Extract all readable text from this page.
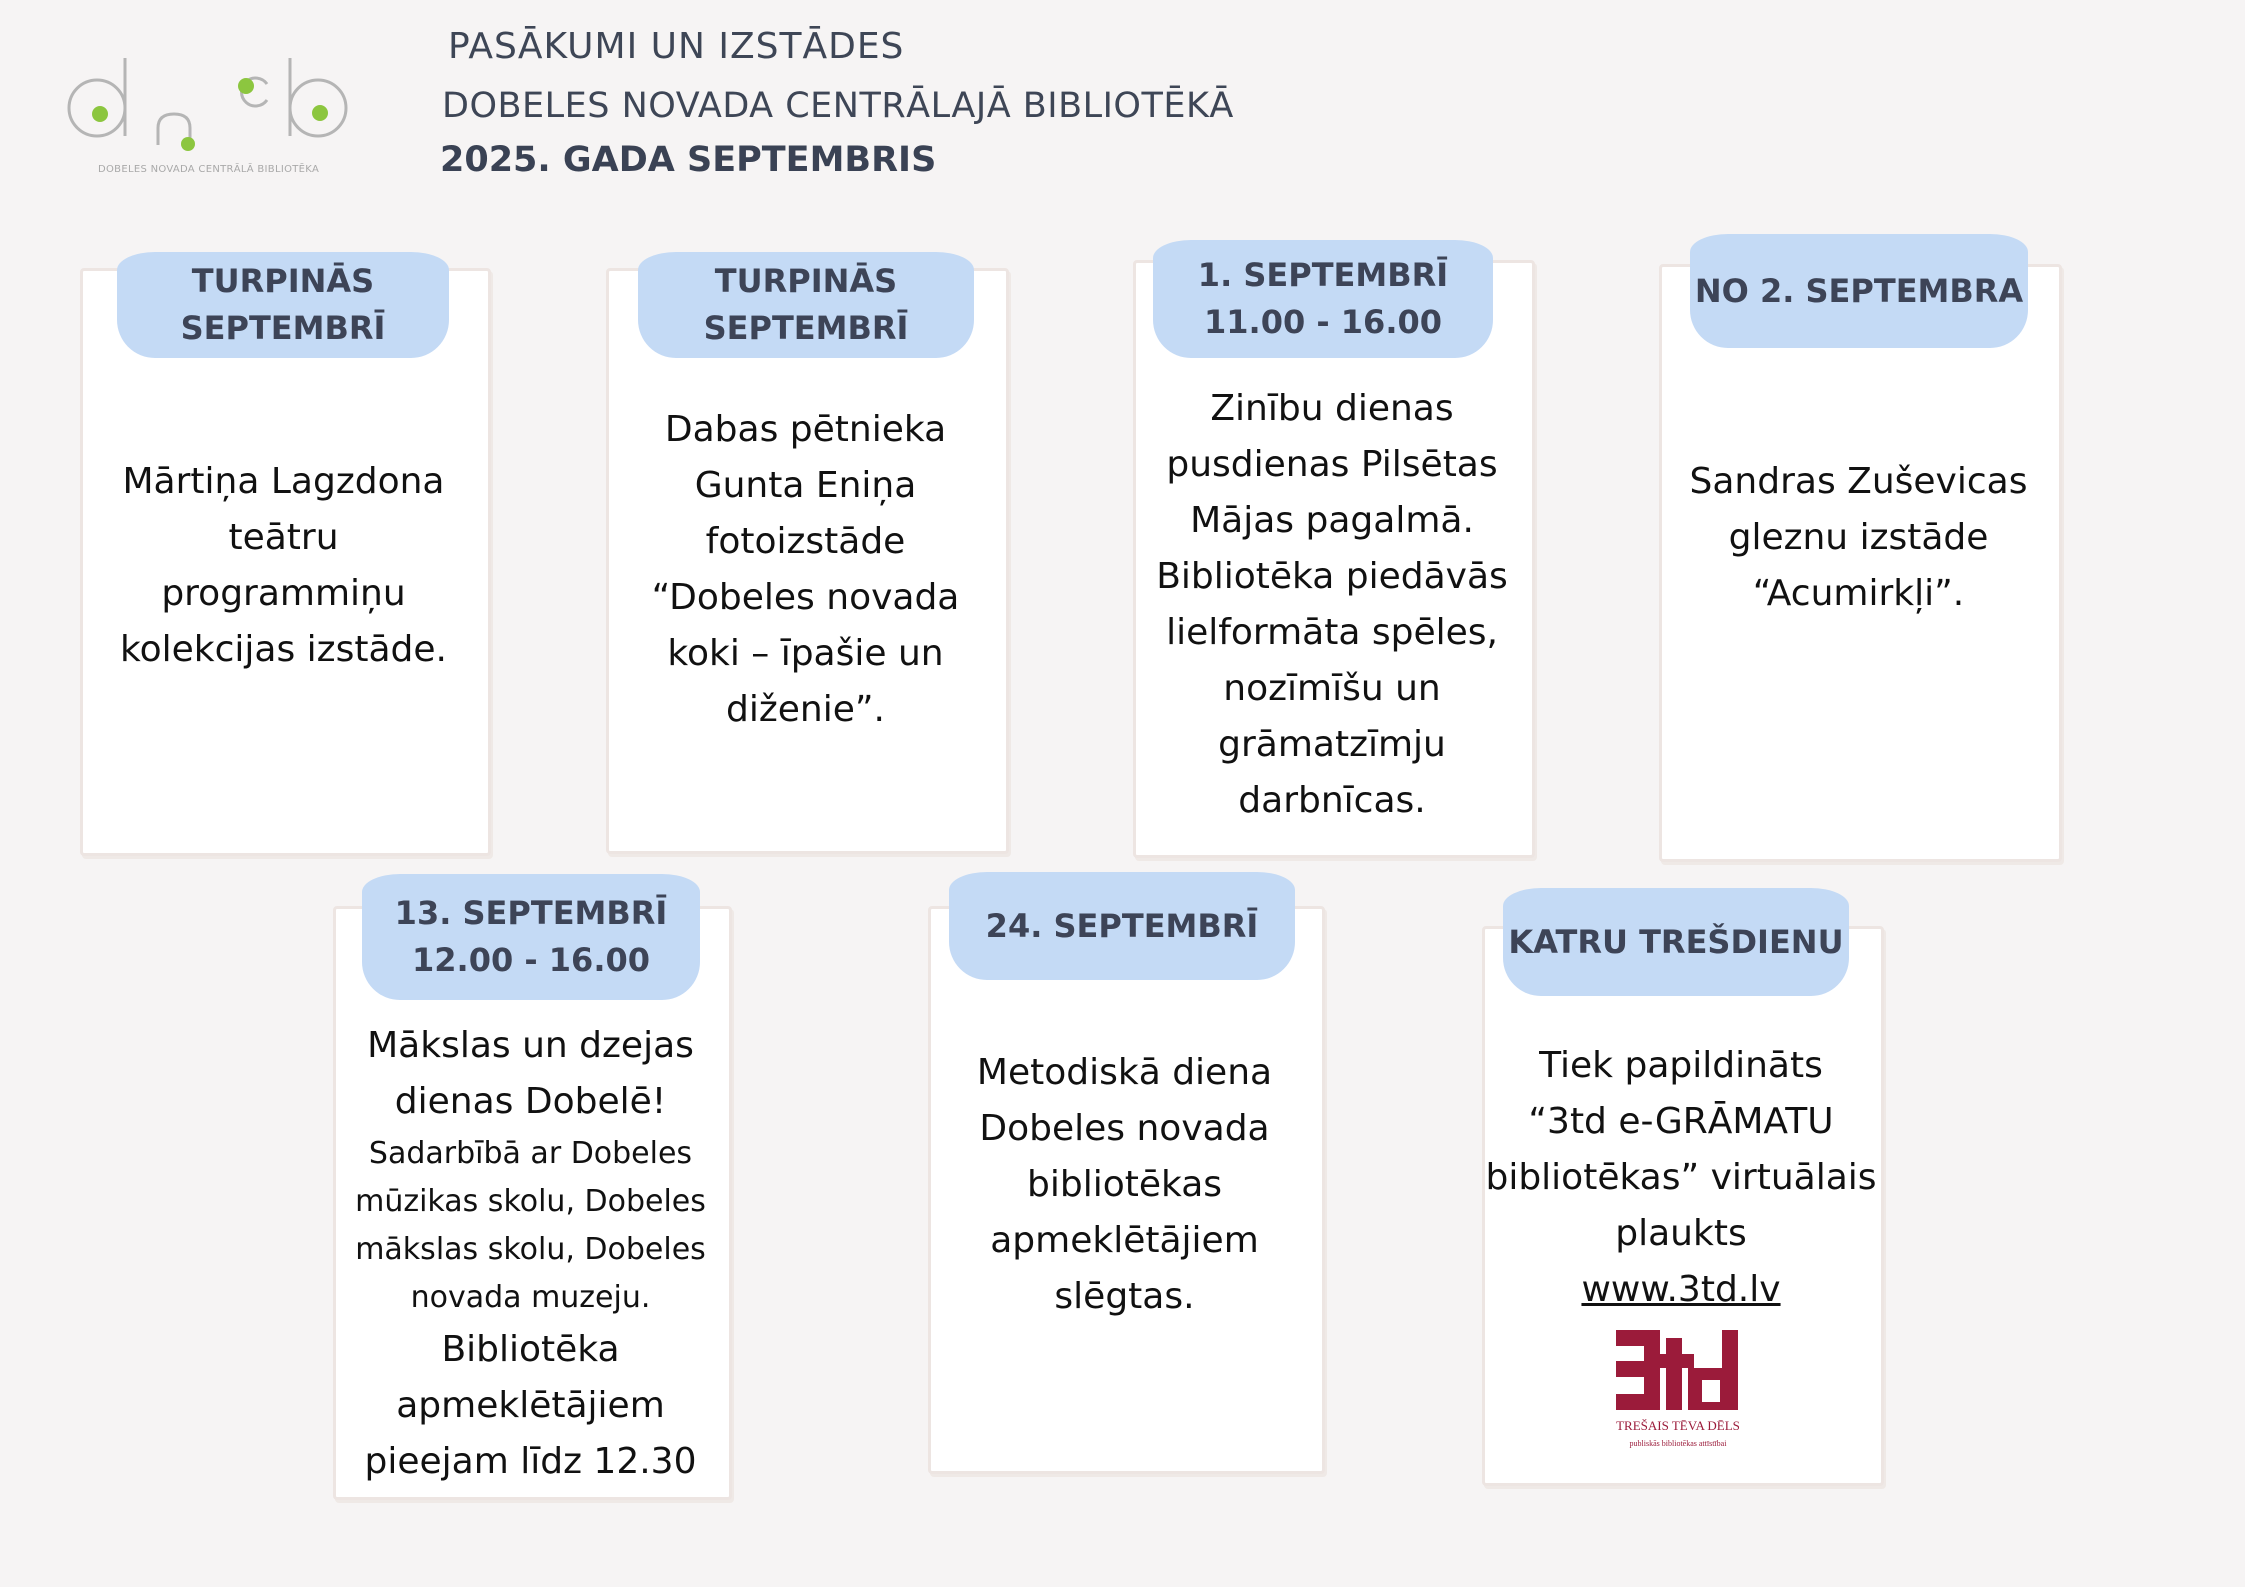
DOBELES NOVADA CENTRĀLĀ BIBLIOTĒKA
PASĀKUMI UN IZSTĀDES
DOBELES NOVADA CENTRĀLAJĀ BIBLIOTĒKĀ
2025. GADA SEPTEMBRIS
TURPINĀS
SEPTEMBRĪ
Mārtiņa Lagzdona
teātru
programmiņu
kolekcijas izstāde.
TURPINĀS
SEPTEMBRĪ
Dabas pētnieka
Gunta Eniņa
fotoizstāde
“Dobeles novada
koki – īpašie un
diženie”.
1. SEPTEMBRĪ
11.00 - 16.00
Zinību dienas
pusdienas Pilsētas
Mājas pagalmā.
Bibliotēka piedāvās
lielformāta spēles,
nozīmīšu un
grāmatzīmju
darbnīcas.
NO 2. SEPTEMBRA
Sandras Zuševicas
gleznu izstāde
“Acumirkļi”.
13. SEPTEMBRĪ
12.00 - 16.00
Mākslas un dzejas
dienas Dobelē!
Sadarbībā ar Dobeles
mūzikas skolu, Dobeles
mākslas skolu, Dobeles
novada muzeju.
Bibliotēka
apmeklētājiem
pieejam līdz 12.30
24. SEPTEMBRĪ
Metodiskā diena
Dobeles novada
bibliotēkas
apmeklētājiem
slēgtas.
KATRU TREŠDIENU
Tiek papildināts
“3td e-GRĀMATU
bibliotēkas” virtuālais
plaukts
www.3td.lv
TREŠAIS TĒVA DĒLS
publiskās bibliotēkas attīstībai
